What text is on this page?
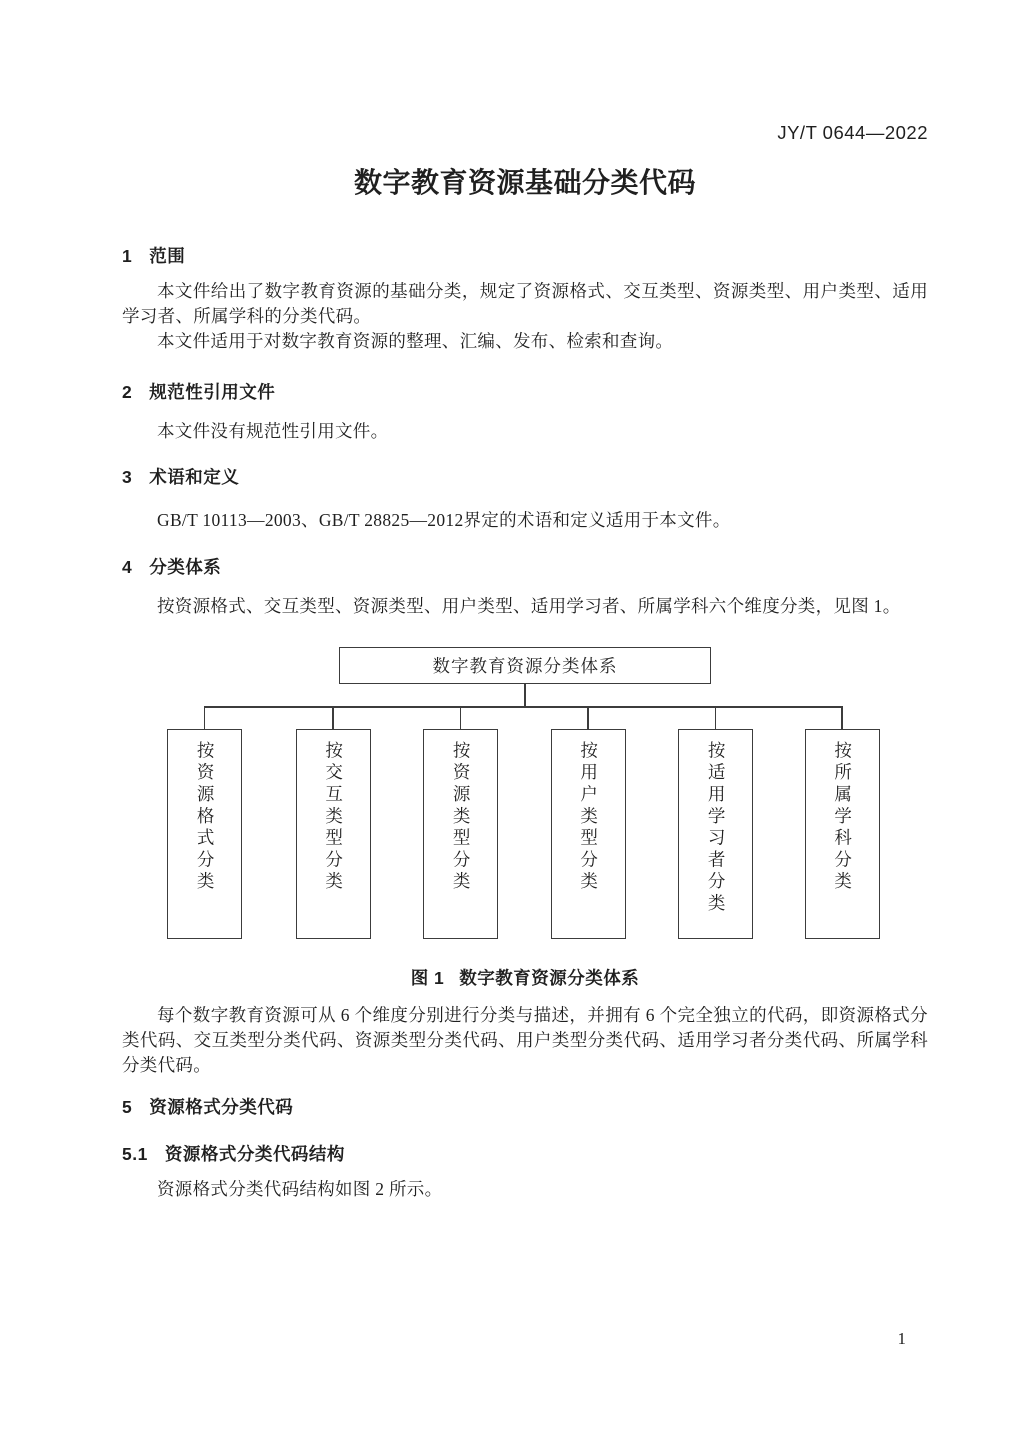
JY/T 0644—2022
数字教育资源基础分类代码
1 范围

本文件给出了数字教育资源的基础分类，规定了资源格式、交互类型、资源类型、用户类型、适用学习者、所属学科的分类代码。

本文件适用于对数字教育资源的整理、汇编、发布、检索和查询。

2 规范性引用文件

本文件没有规范性引用文件。

3 术语和定义

GB/T 10113—2003、GB/T 28825—2012界定的术语和定义适用于本文件。

4 分类体系

按资源格式、交互类型、资源类型、用户类型、适用学习者、所属学科六个维度分类，见图 1。

数字教育资源分类体系
按资源格式分类	按交互类型分类	按资源类型分类	按用户类型分类	按适用学习者分类	按所属学科分类
图 1 数字教育资源分类体系

每个数字教育资源可从 6 个维度分别进行分类与描述，并拥有 6 个完全独立的代码，即资源格式分类代码、交互类型分类代码、资源类型分类代码、用户类型分类代码、适用学习者分类代码、所属学科分类代码。

5 资源格式分类代码
5.1 资源格式分类代码结构

资源格式分类代码结构如图 2 所示。

1
